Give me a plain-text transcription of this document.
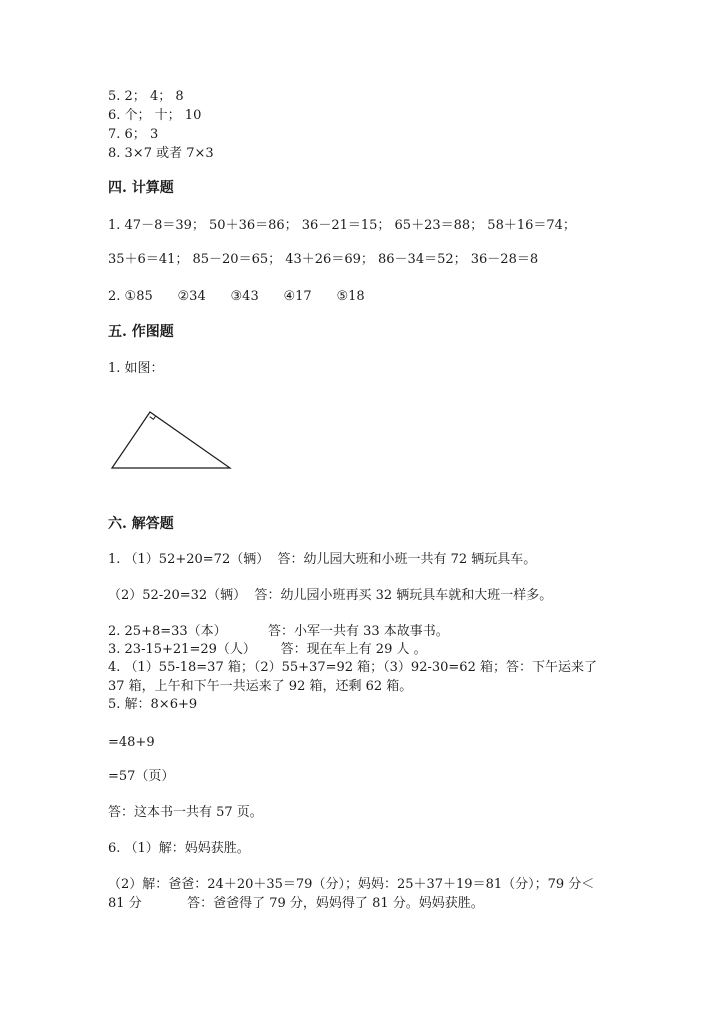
5. 2； 4； 8
6. 个； 十； 10
7. 6； 3
8. 3×7 或者 7×3
四. 计算题
1. 47－8＝39； 50＋36＝86； 36－21＝15； 65＋23＝88； 58＋16＝74；
35＋6＝41； 85－20＝65； 43＋26＝69； 86－34＝52； 36－28＝8
2. ①85      ②34      ③43      ④17      ⑤18
五. 作图题
1. 如图：
六. 解答题
1. （1）52+20=72（辆）  答：幼儿园大班和小班一共有 72 辆玩具车。
（2）52-20=32（辆）  答：幼儿园小班再买 32 辆玩具车就和大班一样多。
2. 25+8=33（本）          答：小军一共有 33 本故事书。
3. 23-15+21=29（人）      答：现在车上有 29 人 。
4. （1）55-18=37 箱；（2）55+37=92 箱；（3）92-30=62 箱；答：下午运来了
37 箱，上午和下午一共运来了 92 箱，还剩 62 箱。
5. 解：8×6+9
=48+9
=57（页）
答：这本书一共有 57 页。
6. （1）解：妈妈获胜。
（2）解：爸爸：24＋20＋35＝79（分）；妈妈：25＋37＋19＝81（分）；79 分＜
81 分           答：爸爸得了 79 分，妈妈得了 81 分。妈妈获胜。
